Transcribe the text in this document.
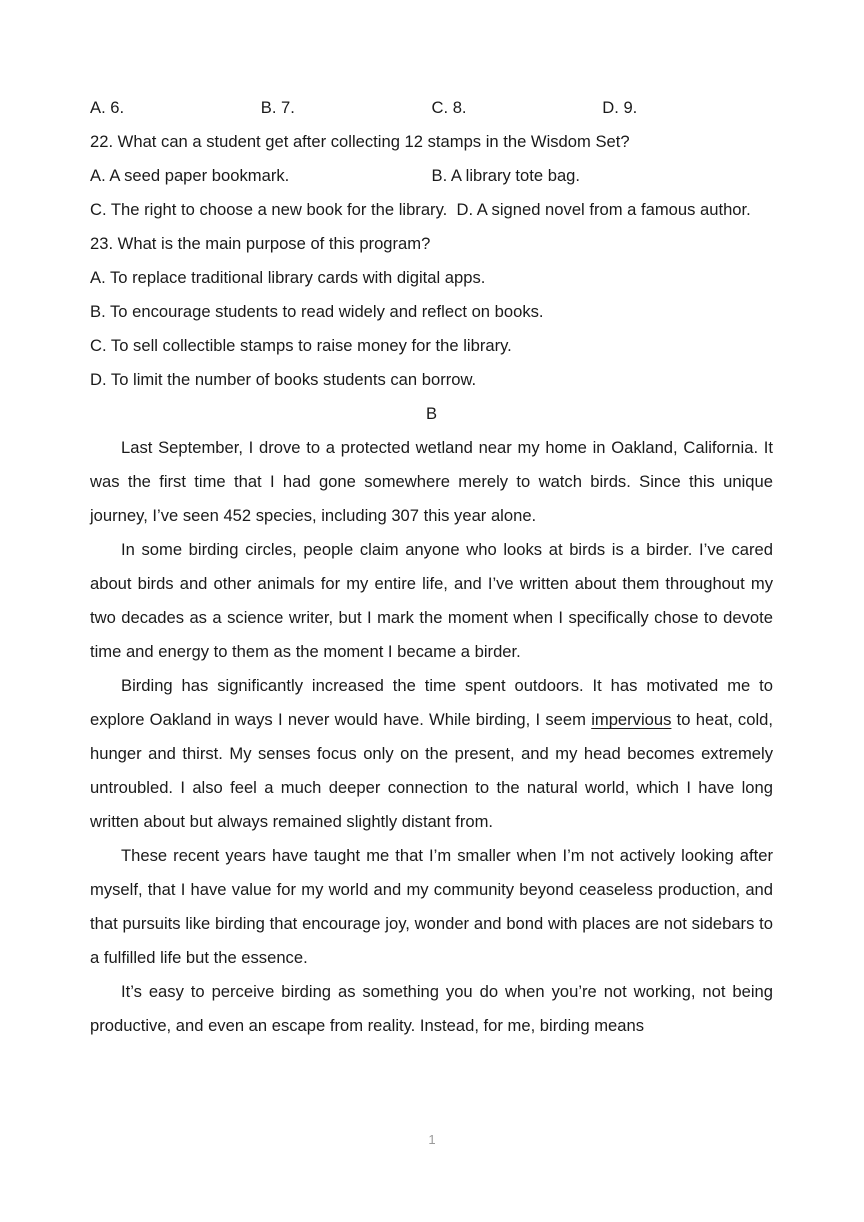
A. 6.	B. 7.	C. 8.	D. 9.

22. What can a student get after collecting 12 stamps in the Wisdom Set?

A. A seed paper bookmark.	B. A library tote bag.

C. The right to choose a new book for the library. D. A signed novel from a famous author.

23. What is the main purpose of this program?

A. To replace traditional library cards with digital apps.

B. To encourage students to read widely and reflect on books.

C. To sell collectible stamps to raise money for the library.

D. To limit the number of books students can borrow.

B

Last September, I drove to a protected wetland near my home in Oakland, California. It was the first time that I had gone somewhere merely to watch birds. Since this unique journey, I’ve seen 452 species, including 307 this year alone.

In some birding circles, people claim anyone who looks at birds is a birder. I’ve cared about birds and other animals for my entire life, and I’ve written about them throughout my two decades as a science writer, but I mark the moment when I specifically chose to devote time and energy to them as the moment I became a birder.

Birding has significantly increased the time spent outdoors. It has motivated me to explore Oakland in ways I never would have. While birding, I seem impervious to heat, cold, hunger and thirst. My senses focus only on the present, and my head becomes extremely untroubled. I also feel a much deeper connection to the natural world, which I have long written about but always remained slightly distant from.

These recent years have taught me that I’m smaller when I’m not actively looking after myself, that I have value for my world and my community beyond ceaseless production, and that pursuits like birding that encourage joy, wonder and bond with places are not sidebars to a fulfilled life but the essence.

It’s easy to perceive birding as something you do when you’re not working, not being productive, and even an escape from reality. Instead, for me, birding means

1
